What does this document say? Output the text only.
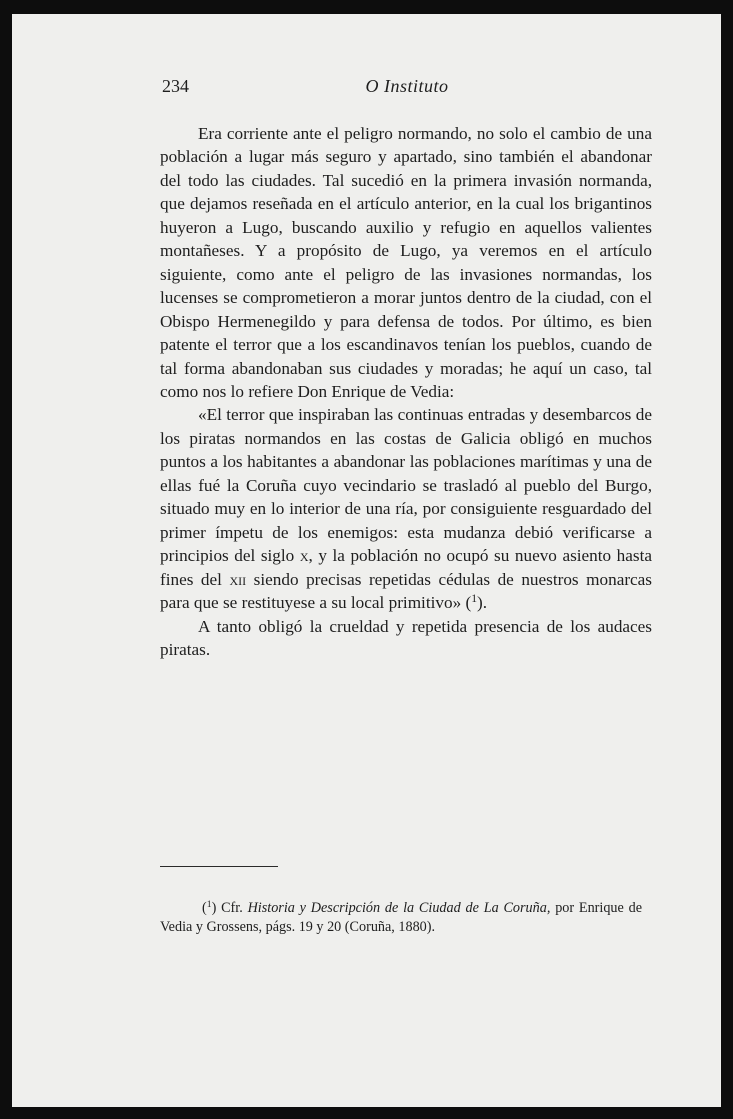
234	O Instituto

Era corriente ante el peligro normando, no solo el cambio de una población a lugar más seguro y apartado, sino también el abandonar del todo las ciudades. Tal sucedió en la primera invasión normanda, que dejamos reseñada en el artículo anterior, en la cual los brigantinos huyeron a Lugo, buscando auxilio y refugio en aquellos valientes montañeses. Y a propósito de Lugo, ya veremos en el artículo siguiente, como ante el peligro de las invasiones normandas, los lucenses se comprometieron a morar juntos dentro de la ciudad, con el Obispo Hermenegildo y para defensa de todos. Por último, es bien patente el terror que a los escandinavos tenían los pueblos, cuando de tal forma abandonaban sus ciudades y moradas; he aquí un caso, tal como nos lo refiere Don Enrique de Vedia:

«El terror que inspiraban las continuas entradas y desembarcos de los piratas normandos en las costas de Galicia obligó en muchos puntos a los habitantes a abandonar las poblaciones marítimas y una de ellas fué la Coruña cuyo vecindario se trasladó al pueblo del Burgo, situado muy en lo interior de una ría, por consiguiente resguardado del primer ímpetu de los enemigos: esta mudanza debió verificarse a principios del siglo x, y la población no ocupó su nuevo asiento hasta fines del xii siendo precisas repetidas cédulas de nuestros monarcas para que se restituyese a su local primitivo» ($^1$).

A tanto obligó la crueldad y repetida presencia de los audaces piratas.

($^1$) Cfr. Historia y Descripción de la Ciudad de La Coruña, por Enrique de Vedia y Grossens, págs. 19 y 20 (Coruña, 1880).
